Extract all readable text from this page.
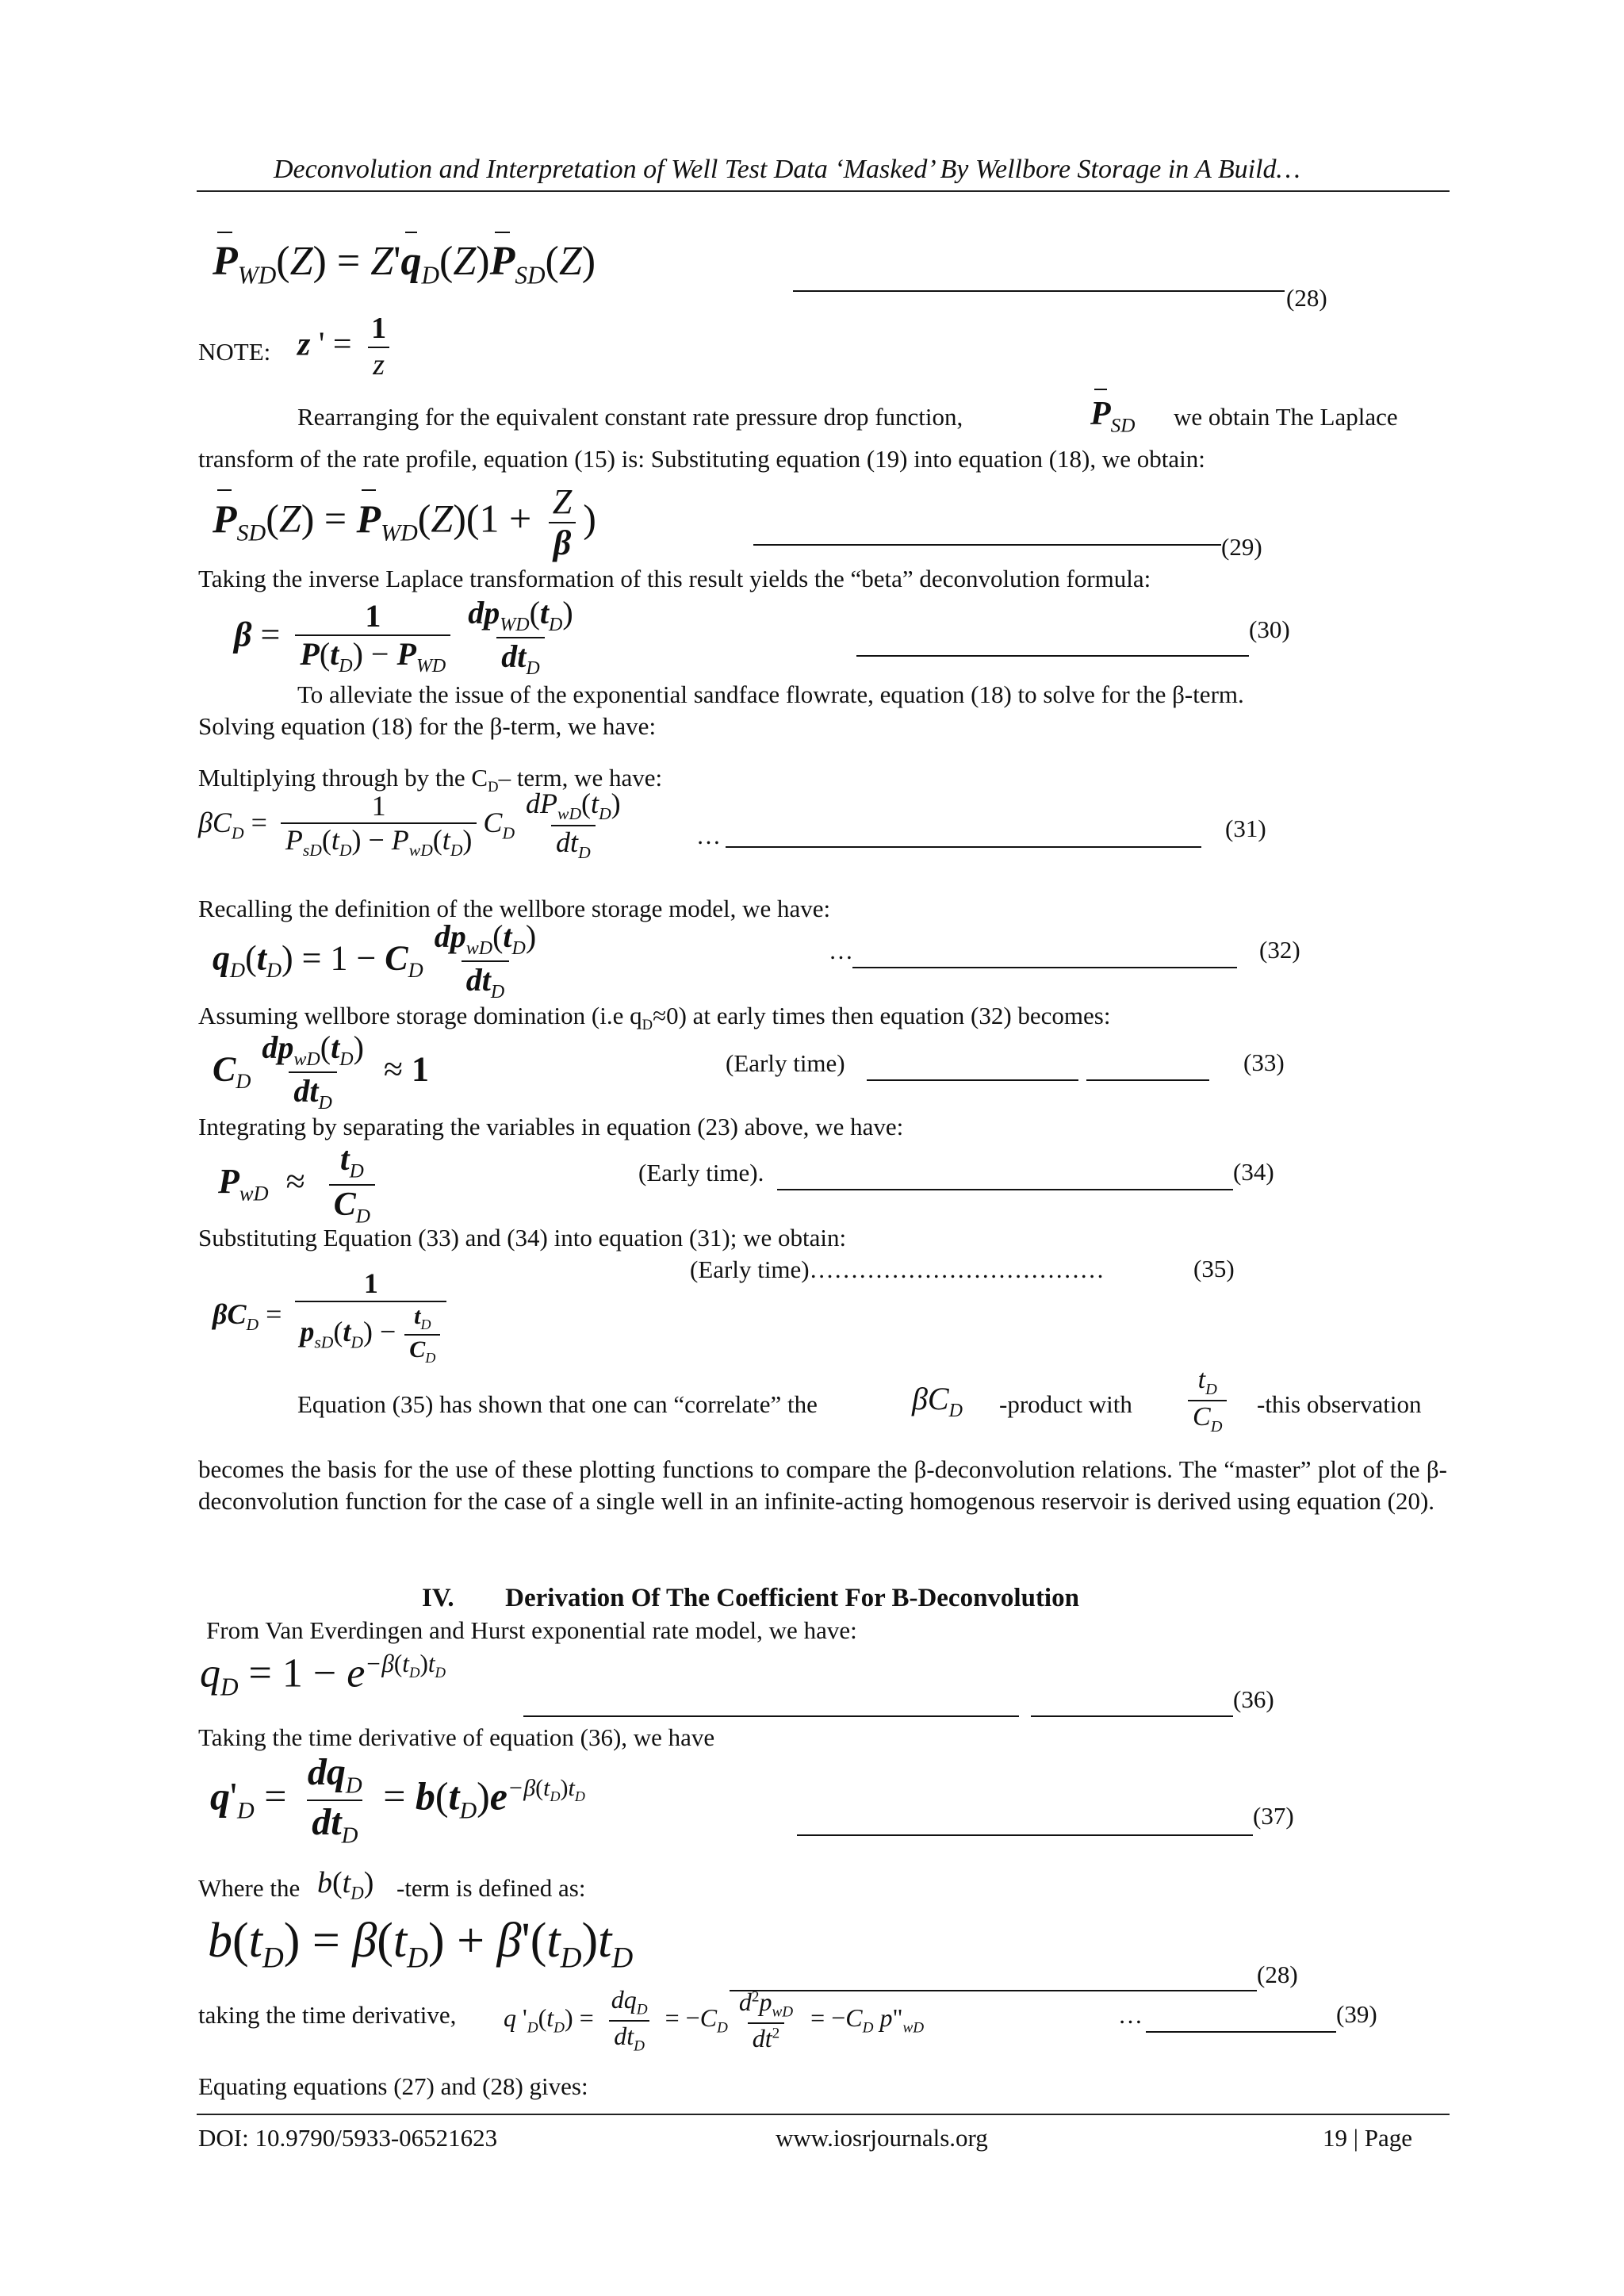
Deconvolution and Interpretation of Well Test Data ‘Masked’ By Wellbore Storage in A Build…
$P_{WD}(Z) = Z'q_D(Z)P_{SD}(Z)$
(28)
NOTE: z ' = $\frac{1}{z}$
Rearranging for the equivalent constant rate pressure drop function,	$P_{SD}$ we obtain The Laplace
transform of the rate profile, equation (15) is: Substituting equation (19) into equation (18), we obtain:
$P_{SD}(Z) = P_{WD}(Z)(1 + \frac{Z}{\beta}$ )
(29)
Taking the inverse Laplace transformation of this result yields the “beta” deconvolution formula:
$\beta = \frac{1}{P(t_D) - P_{WD}} \frac{dp_{WD}(t_D)}{dt_D}$	(30)
To alleviate the issue of the exponential sandface flowrate, equation (18) to solve for the β-term.
Solving equation (18) for the β-term, we have:
Multiplying through by the $C_D-$ term, we have:
$\beta C_D = \frac{1}{P_{sD}(t_D) - P_{wD}(t_D)} C_D \frac{dP_{wD}(t_D)}{dt_D}$	…	(31)
Recalling the definition of the wellbore storage model, we have:
$q_D(t_D) = 1 - C_D \frac{dp_{wD}(t_D)}{dt_D}$	…	(32)
Assuming wellbore storage domination (i.e $q_D\approx 0$) at early times then equation (32) becomes:
$C_D \frac{dp_{wD}(t_D)}{dt_D} \approx 1$	(Early time)	(33)
Integrating by separating the variables in equation (23) above, we have:
$P_{wD} \approx \frac{t_D}{C_D}$	(Early time).	(34)
Substituting Equation (33) and (34) into equation (31); we obtain:
(Early time)………………………………	(35)
$\beta C_D = \frac{1}{p_{sD}(t_D) - \frac{t_D}{C_D}}$
Equation (35) has shown that one can “correlate” the	$\beta C_D$ -product with $\frac{t_D}{C_D}$ -this observation
becomes the basis for the use of these plotting functions to compare the β-deconvolution relations. The “master” plot of the β-deconvolution function for the case of a single well in an infinite-acting homogenous reservoir is derived using equation (20).
IV. Derivation Of The Coefficient For Β-Deconvolution
From Van Everdingen and Hurst exponential rate model, we have:
$q_D = 1 - e^{-\beta(t_D)t_D}$
(36)
Taking the time derivative of equation (36), we have
$q'_D = \frac{dq_D}{dt_D} = b(t_D)e^{-\beta(t_D)t_D}$
(37)
Where the $b(t_D)$ -term is defined as:
$b(t_D) = \beta(t_D) + \beta'(t_D)t_D$
(28)
taking the time derivative, q '$_D(t_D) = \frac{dq_D}{dt_D} = -C_D \frac{d^2p_{wD}}{dt^2} = -C_D$ $p"_{wD}$	…	(39)
Equating equations (27) and (28) gives:
DOI: 10.9790/5933-06521623	www.iosrjournals.org	19 | Page
